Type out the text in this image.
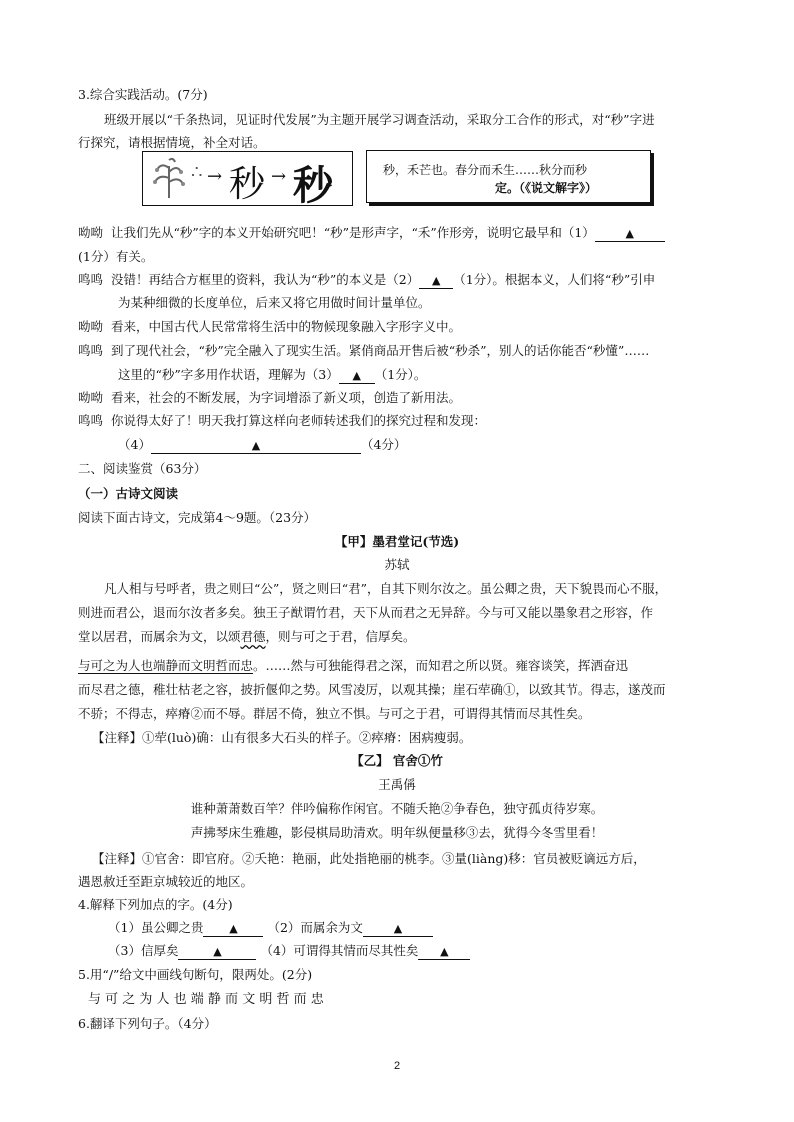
3.综合实践活动。(7分)
班级开展以“千条热词，见证时代发展”为主题开展学习调查活动，采取分工合作的形式，对“秒”字进
行探究，请根据情境，补全对话。
∴ → 秒 → 秒	秒，禾芒也。春分而禾生……秋分而秒
定。（《说文解字》）
呦呦 让我们先从“秒”字的本义开始研究吧！“秒”是形声字，“禾”作形旁，说明它最早和（1）	▲
(1分）有关。
鸣鸣 没错！再结合方框里的资料，我认为“秒”的本义是（2） ▲ （1分）。根据本义，人们将“秒”引申
为某种细微的长度单位，后来又将它用做时间计量单位。
呦呦 看来，中国古代人民常常将生活中的物候现象融入字形字义中。
鸣鸣 到了现代社会，“秒”完全融入了现实生活。紧俏商品开售后被“秒杀”，别人的话你能否“秒懂”……
这里的“秒”字多用作状语，理解为（3） ▲ （1分）。
呦呦 看来，社会的不断发展，为字词增添了新义项，创造了新用法。
鸣鸣 你说得太好了！明天我打算这样向老师转述我们的探究过程和发现：
（4）	▲	（4分）
二、阅读鉴赏（63分）
（一）古诗文阅读
阅读下面古诗文，完成第4～9题。（23分）
【甲】墨君堂记(节选)
苏轼
凡人相与号呼者，贵之则曰“公”，贤之则曰“君”，自其下则尔汝之。虽公卿之贵，天下貌畏而心不服，
则进而君公，退而尔汝者多矣。独王子猷谓竹君，天下从而君之无异辞。今与可又能以墨象君之形容，作
堂以居君，而属余为文，以颂君德，则与可之于君，信厚矣。
与可之为人也端静而文明哲而忠。……然与可独能得君之深，而知君之所以贤。雍容谈笑，挥洒奋迅
而尽君之德，稚壮枯老之容，披折偃仰之势。风雪凌厉，以观其操；崖石荦确①，以致其节。得志，遂茂而
不骄；不得志，瘁瘠②而不辱。群居不倚，独立不惧。与可之于君，可谓得其情而尽其性矣。
【注释】①荦(luò)确：山有很多大石头的样子。②瘁瘠：困病瘦弱。
【乙】 官舍①竹
王禹偁
谁种萧萧数百竿？伴吟偏称作闲官。不随夭艳②争春色，独守孤贞待岁寒。
声拂琴床生雅趣，影侵棋局助清欢。明年纵便量移③去，犹得今冬雪里看！
【注释】①官舍：即官府。②夭艳：艳丽，此处指艳丽的桃李。③量(liàng)移：官员被贬谪远方后，
遇恩赦迁至距京城较近的地区。
4.解释下列加点的字。(4分)
（1）虽公卿之贵 ▲ （2）而属余为文	▲
（3）信厚矣	▲	（4）可谓得其情而尽其性矣 ▲
5.用“/”给文中画线句断句，限两处。(2分)
与 可 之 为 人 也 端 静 而 文 明 哲 而 忠
6.翻译下列句子。（4分）
2
